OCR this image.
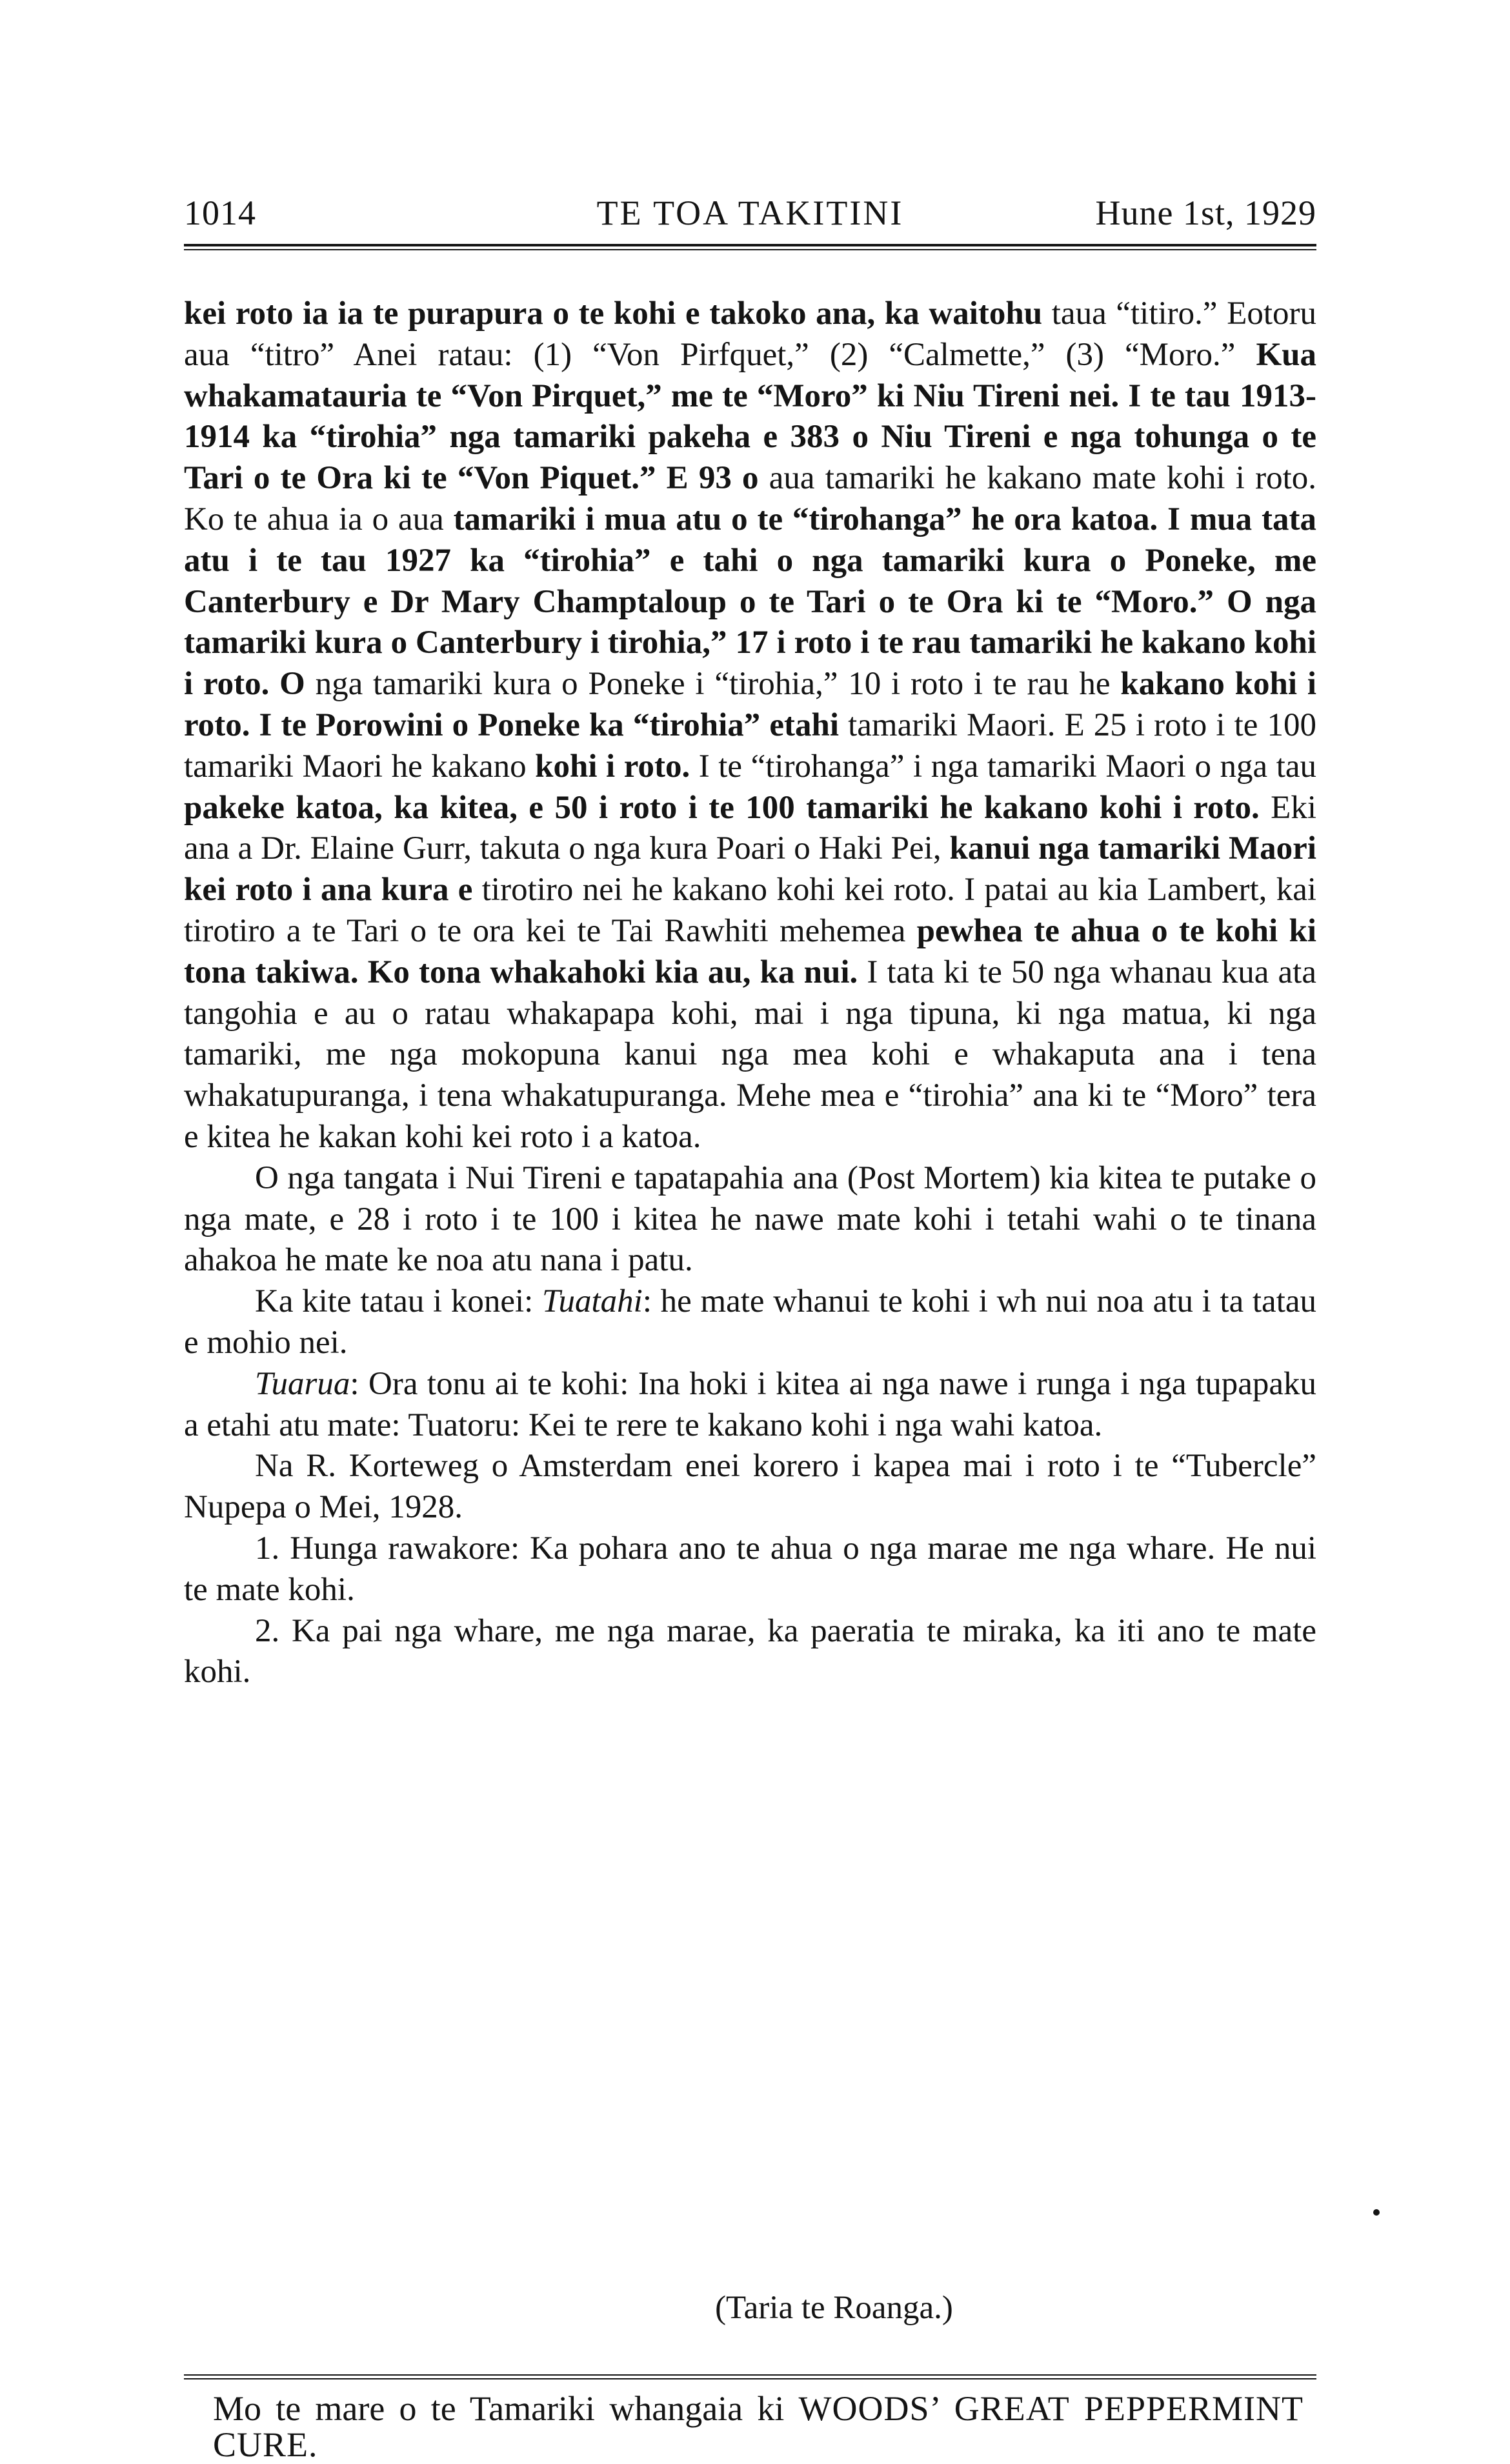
1014	TE TOA TAKITINI	Hune 1st, 1929

kei roto ia ia te purapura o te kohi e takoko ana, ka waitohu taua “titiro.” Eotoru aua “titro” Anei ratau: (1) “Von Pirfquet,” (2) “Calmette,” (3) “Moro.” Kua whakamatauria te “Von Pirquet,” me te “Moro” ki Niu Tireni nei. I te tau 1913-1914 ka “tirohia” nga tamariki pakeha e 383 o Niu Tireni e nga tohunga o te Tari o te Ora ki te “Von Piquet.” E 93 o aua tamariki he kakano mate kohi i roto. Ko te ahua ia o aua tamariki i mua atu o te “tirohanga” he ora katoa. I mua tata atu i te tau 1927 ka “tirohia” e tahi o nga tamariki kura o Poneke, me Canterbury e Dr Mary Champtaloup o te Tari o te Ora ki te “Moro.” O nga tamariki kura o Canterbury i tirohia,” 17 i roto i te rau tamariki he kakano kohi i roto. O nga tamariki kura o Poneke i “tirohia,” 10 i roto i te rau he kakano kohi i roto. I te Porowini o Poneke ka “tirohia” etahi tamariki Maori. E 25 i roto i te 100 tamariki Maori he kakano kohi i roto. I te “tirohanga” i nga tamariki Maori o nga tau pakeke katoa, ka kitea, e 50 i roto i te 100 tamariki he kakano kohi i roto. Eki ana a Dr. Elaine Gurr, takuta o nga kura Poari o Haki Pei, kanui nga tamariki Maori kei roto i ana kura e tirotiro nei he kakano kohi kei roto. I patai au kia Lambert, kai tirotiro a te Tari o te ora kei te Tai Rawhiti mehemea pewhea te ahua o te kohi ki tona takiwa. Ko tona whakahoki kia au, ka nui. I tata ki te 50 nga whanau kua ata tangohia e au o ratau whakapapa kohi, mai i nga tipuna, ki nga matua, ki nga tamariki, me nga mokopuna kanui nga mea kohi e whakaputa ana i tena whakatupuranga, i tena whakatupuranga. Mehe mea e “tirohia” ana ki te “Moro” tera e kitea he kakan kohi kei roto i a katoa.

O nga tangata i Nui Tireni e tapatapahia ana (Post Mortem) kia kitea te putake o nga mate, e 28 i roto i te 100 i kitea he nawe mate kohi i tetahi wahi o te tinana ahakoa he mate ke noa atu nana i patu.

Ka kite tatau i konei: Tuatahi: he mate whanui te kohi i wh nui noa atu i ta tatau e mohio nei.

Tuarua: Ora tonu ai te kohi: Ina hoki i kitea ai nga nawe i runga i nga tupapaku a etahi atu mate: Tuatoru: Kei te rere te kakano kohi i nga wahi katoa.

Na R. Korteweg o Amsterdam enei korero i kapea mai i roto i te “Tubercle” Nupepa o Mei, 1928.

1. Hunga rawakore: Ka pohara ano te ahua o nga marae me nga whare. He nui te mate kohi.

2. Ka pai nga whare, me nga marae, ka paeratia te miraka, ka iti ano te mate kohi.

(Taria te Roanga.)
Mo te mare o te Tamariki whangaia ki WOODS’ GREAT PEPPERMINT CURE.
